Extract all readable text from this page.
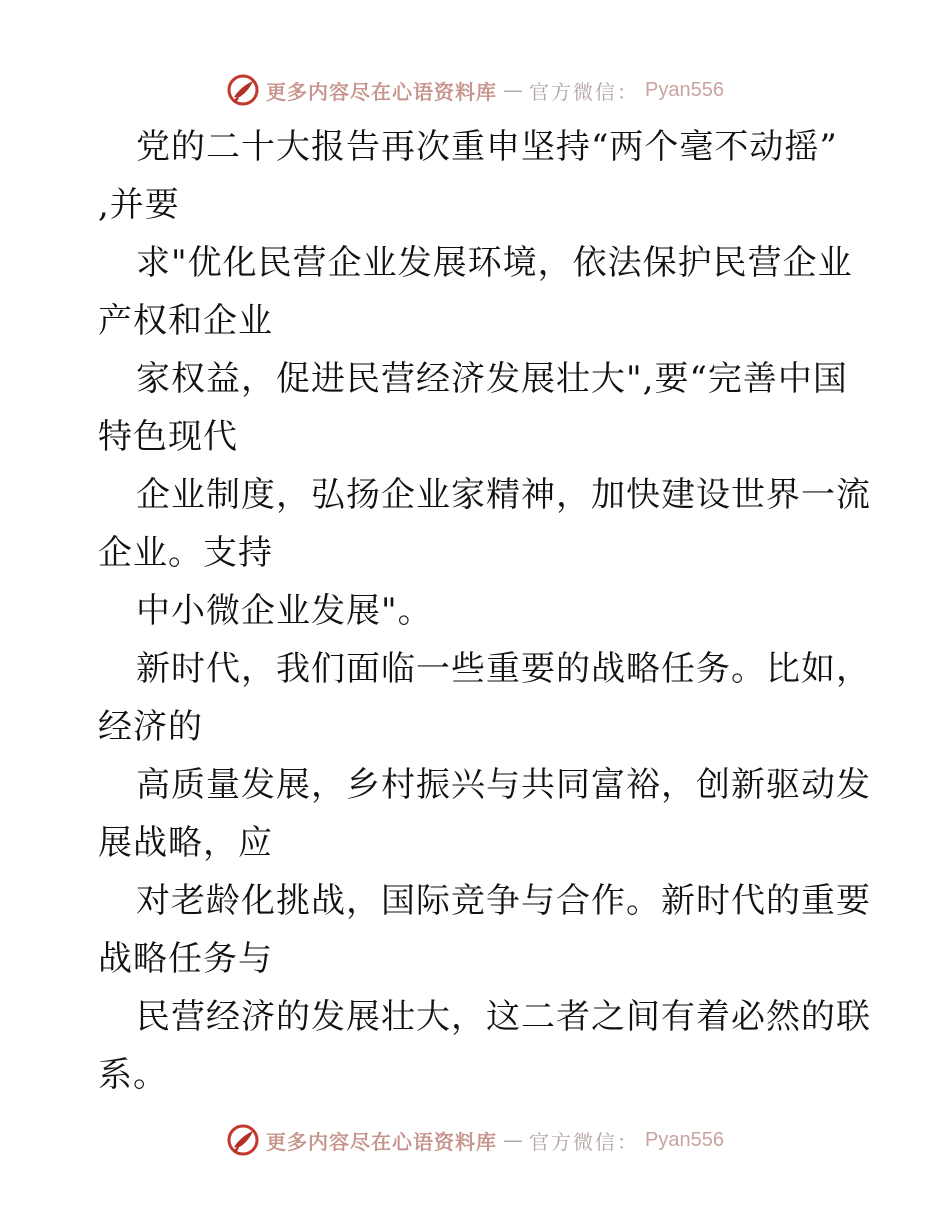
更多内容尽在心语资料库 — 官方微信： Pyan556
党的二十大报告再次重申坚持“两个毫不动摇”
,并要
求"优化民营企业发展环境，依法保护民营企业
产权和企业
家权益，促进民营经济发展壮大",要“完善中国
特色现代
企业制度，弘扬企业家精神，加快建设世界一流
企业。支持
中小微企业发展"。
新时代，我们面临一些重要的战略任务。比如，
经济的
高质量发展，乡村振兴与共同富裕，创新驱动发
展战略，应
对老龄化挑战，国际竞争与合作。新时代的重要
战略任务与
民营经济的发展壮大，这二者之间有着必然的联
系。
更多内容尽在心语资料库 — 官方微信： Pyan556
